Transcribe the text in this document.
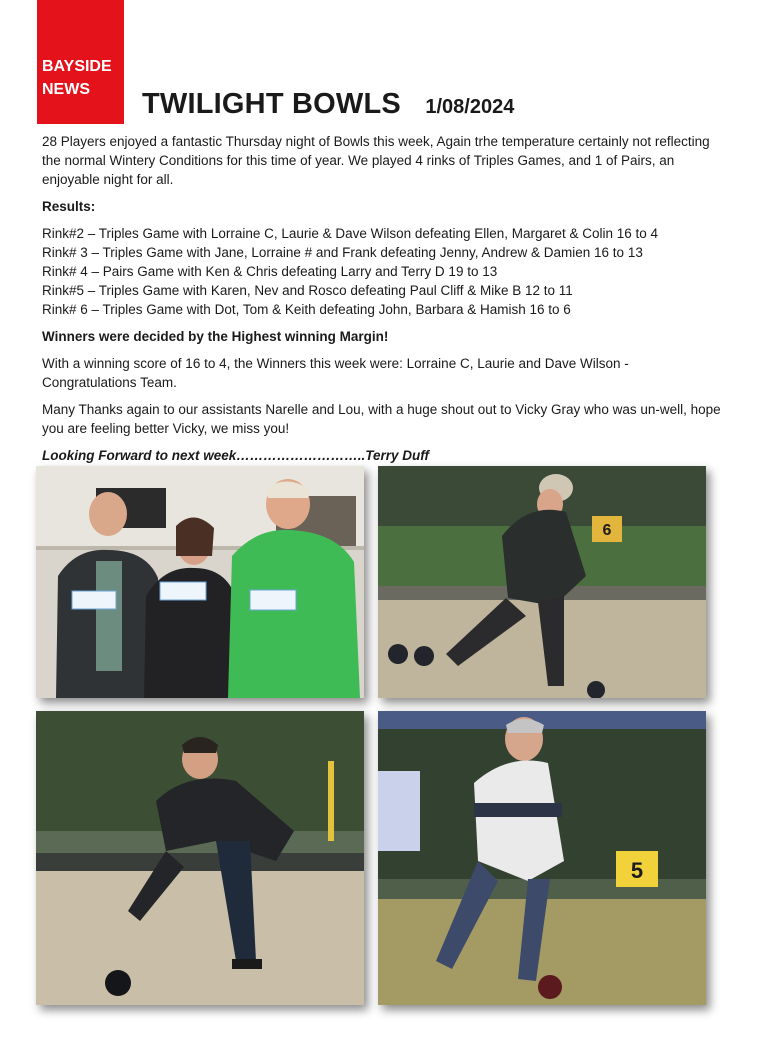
BAYSIDE
NEWS	TWILIGHT BOWLS 1/08/2024

28 Players enjoyed a fantastic Thursday night of Bowls this week, Again trhe temperature certainly not reflecting the normal Wintery Conditions for this time of year. We played 4 rinks of Triples Games, and 1 of Pairs, an enjoyable night for all.

Results:

Rink#2 – Triples Game with Lorraine C, Laurie & Dave Wilson defeating Ellen, Margaret & Colin 16 to 4
Rink# 3 – Triples Game with Jane, Lorraine # and Frank defeating Jenny, Andrew & Damien 16 to 13
Rink# 4 – Pairs Game with Ken & Chris defeating Larry and Terry D 19 to 13
Rink#5 – Triples Game with Karen, Nev and Rosco defeating Paul Cliff & Mike B 12 to 11
Rink# 6 – Triples Game with Dot, Tom & Keith defeating John, Barbara & Hamish 16 to 6

Winners were decided by the Highest winning Margin!

With a winning score of 16 to 4, the Winners this week were: Lorraine C, Laurie and Dave Wilson - Congratulations Team.

Many Thanks again to our assistants Narelle and Lou, with a huge shout out to Vicky Gray who was un-well, hope you are feeling better Vicky, we miss you!

Looking Forward to next week………………………..Terry Duff

6
5
